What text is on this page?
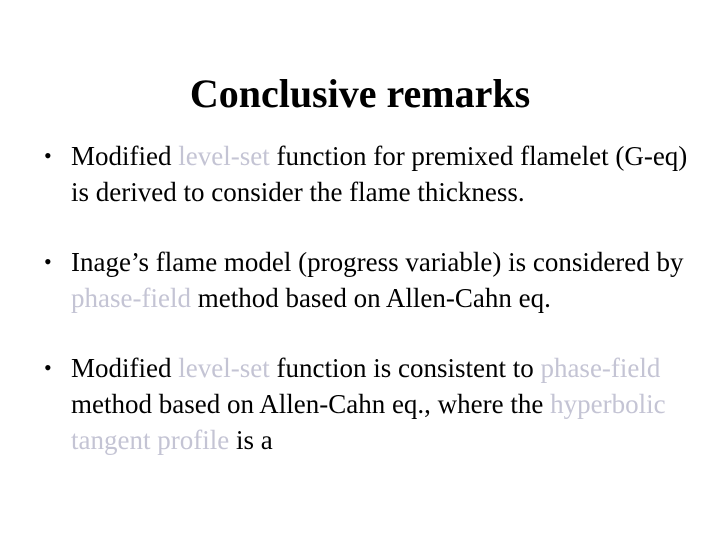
Conclusive remarks
• Modified level-set function for premixed flamelet (G-eq) is derived to consider the flame thickness.
• Inage’s flame model (progress variable) is considered by phase-field method based on Allen-Cahn eq.
• Modified level-set function is consistent to phase-field method based on Allen-Cahn eq., where the hyperbolic tangent profile is a
